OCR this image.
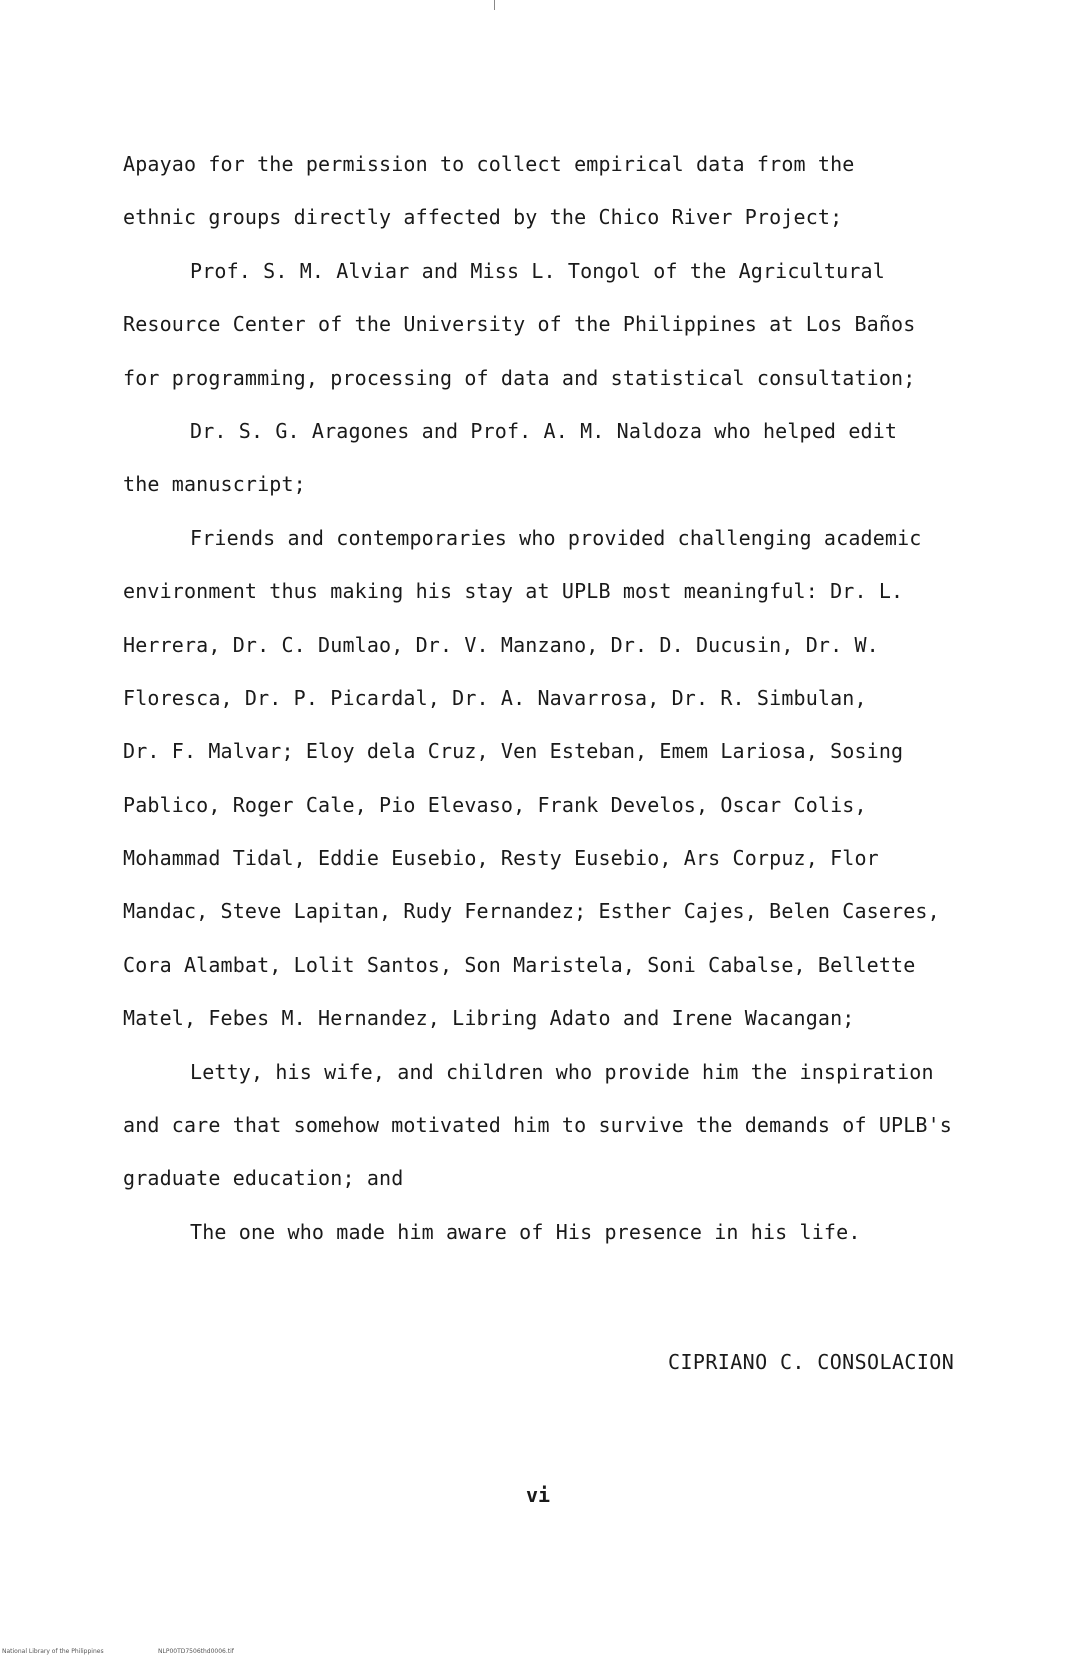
Apayao for the permission to collect empirical data from the
ethnic groups directly affected by the Chico River Project;
Prof. S. M. Alviar and Miss L. Tongol of the Agricultural
Resource Center of the University of the Philippines at Los Baños
for programming, processing of data and statistical consultation;
Dr. S. G. Aragones and Prof. A. M. Naldoza who helped edit
the manuscript;
Friends and contemporaries who provided challenging academic
environment thus making his stay at UPLB most meaningful: Dr. L.
Herrera, Dr. C. Dumlao, Dr. V. Manzano, Dr. D. Ducusin, Dr. W.
Floresca, Dr. P. Picardal, Dr. A. Navarrosa, Dr. R. Simbulan,
Dr. F. Malvar; Eloy dela Cruz, Ven Esteban, Emem Lariosa, Sosing
Pablico, Roger Cale, Pio Elevaso, Frank Develos, Oscar Colis,
Mohammad Tidal, Eddie Eusebio, Resty Eusebio, Ars Corpuz, Flor
Mandac, Steve Lapitan, Rudy Fernandez; Esther Cajes, Belen Caseres,
Cora Alambat, Lolit Santos, Son Maristela, Soni Cabalse, Bellette
Matel, Febes M. Hernandez, Libring Adato and Irene Wacangan;
Letty, his wife, and children who provide him the inspiration
and care that somehow motivated him to survive the demands of UPLB's
graduate education; and
The one who made him aware of His presence in his life.
CIPRIANO C. CONSOLACION
vi
National Library of the Philippines	NLP00TD7506thd0006.tif
